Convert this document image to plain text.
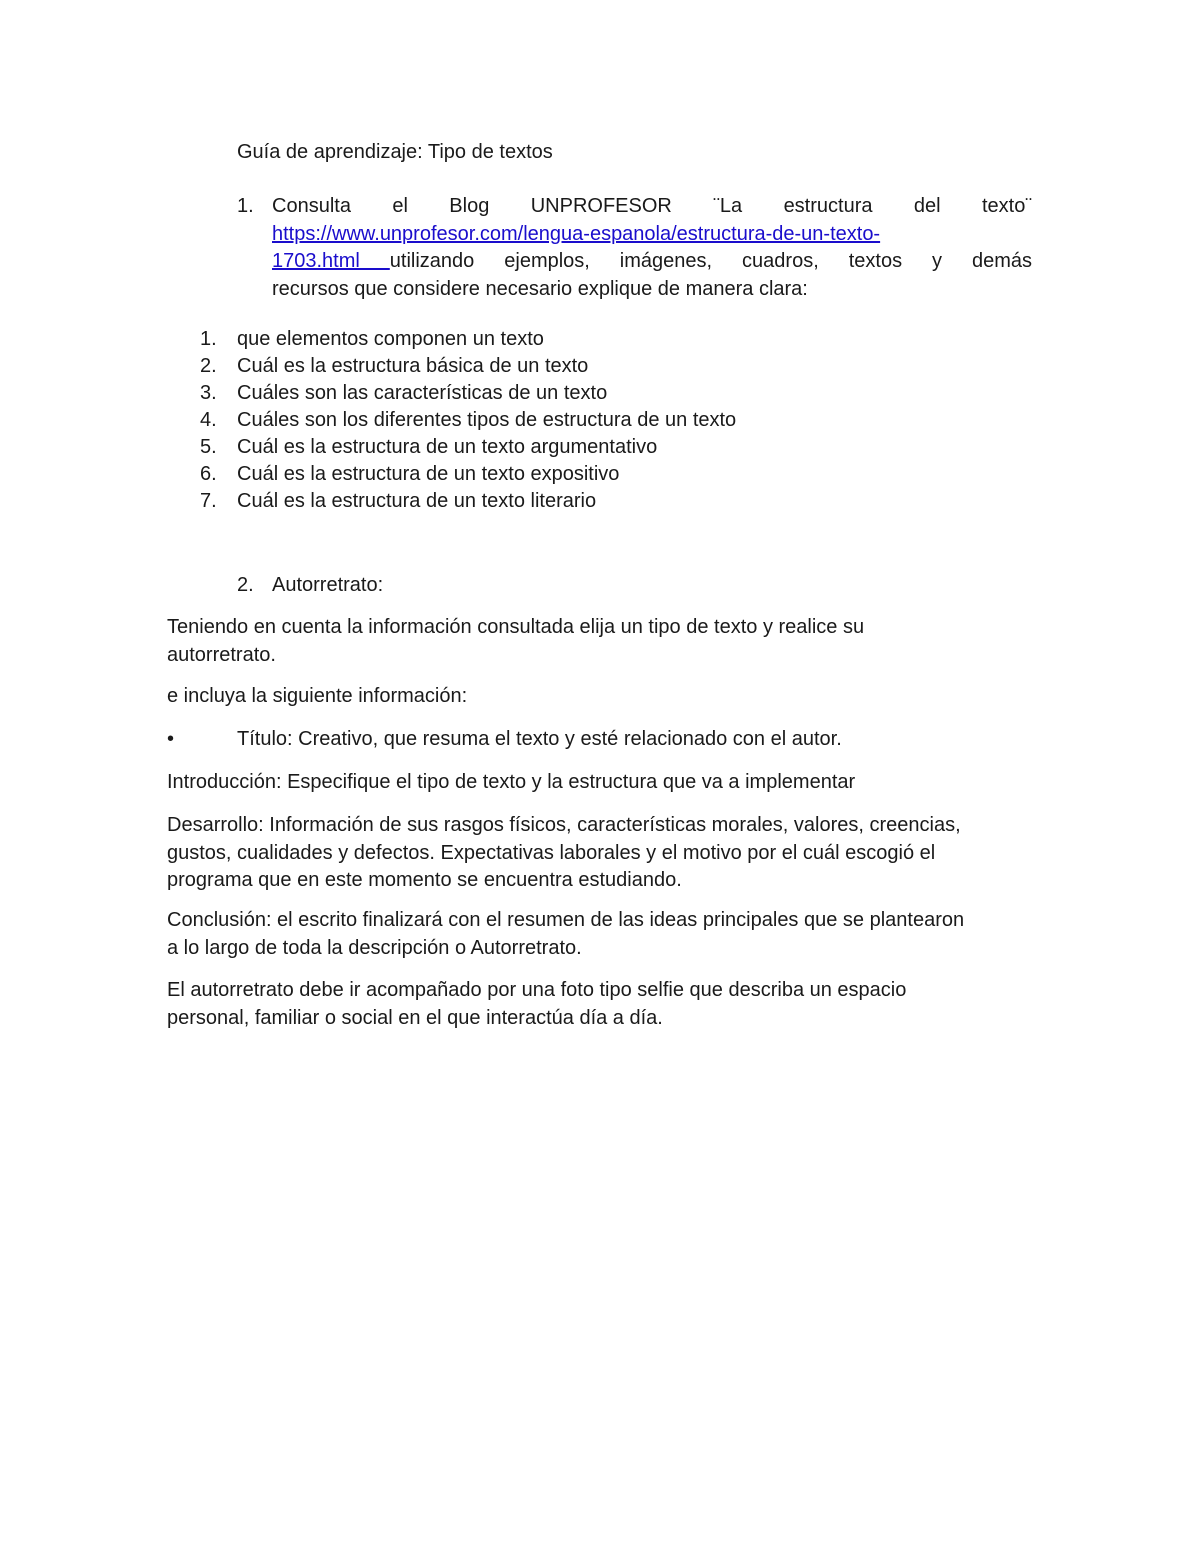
Guía de aprendizaje: Tipo de textos
1. Consulta el Blog UNPROFESOR ¨La estructura del texto¨
https://www.unprofesor.com/lengua-espanola/estructura-de-un-texto-
1703.html utilizando ejemplos, imágenes, cuadros, textos y demás
recursos que considere necesario explique de manera clara:
1.	que elementos componen un texto
2.	Cuál es la estructura básica de un texto
3.	Cuáles son las características de un texto
4.	Cuáles son los diferentes tipos de estructura de un texto
5.	Cuál es la estructura de un texto argumentativo
6.	Cuál es la estructura de un texto expositivo
7.	Cuál es la estructura de un texto literario
2. Autorretrato:
Teniendo en cuenta la información consultada elija un tipo de texto y realice su
autorretrato.
e incluya la siguiente información:
•	Título: Creativo, que resuma el texto y esté relacionado con el autor.
Introducción: Especifique el tipo de texto y la estructura que va a implementar
Desarrollo: Información de sus rasgos físicos, características morales, valores, creencias,
gustos, cualidades y defectos. Expectativas laborales y el motivo por el cuál escogió el
programa que en este momento se encuentra estudiando.
Conclusión: el escrito finalizará con el resumen de las ideas principales que se plantearon
a lo largo de toda la descripción o Autorretrato.
El autorretrato debe ir acompañado por una foto tipo selfie que describa un espacio
personal, familiar o social en el que interactúa día a día.
